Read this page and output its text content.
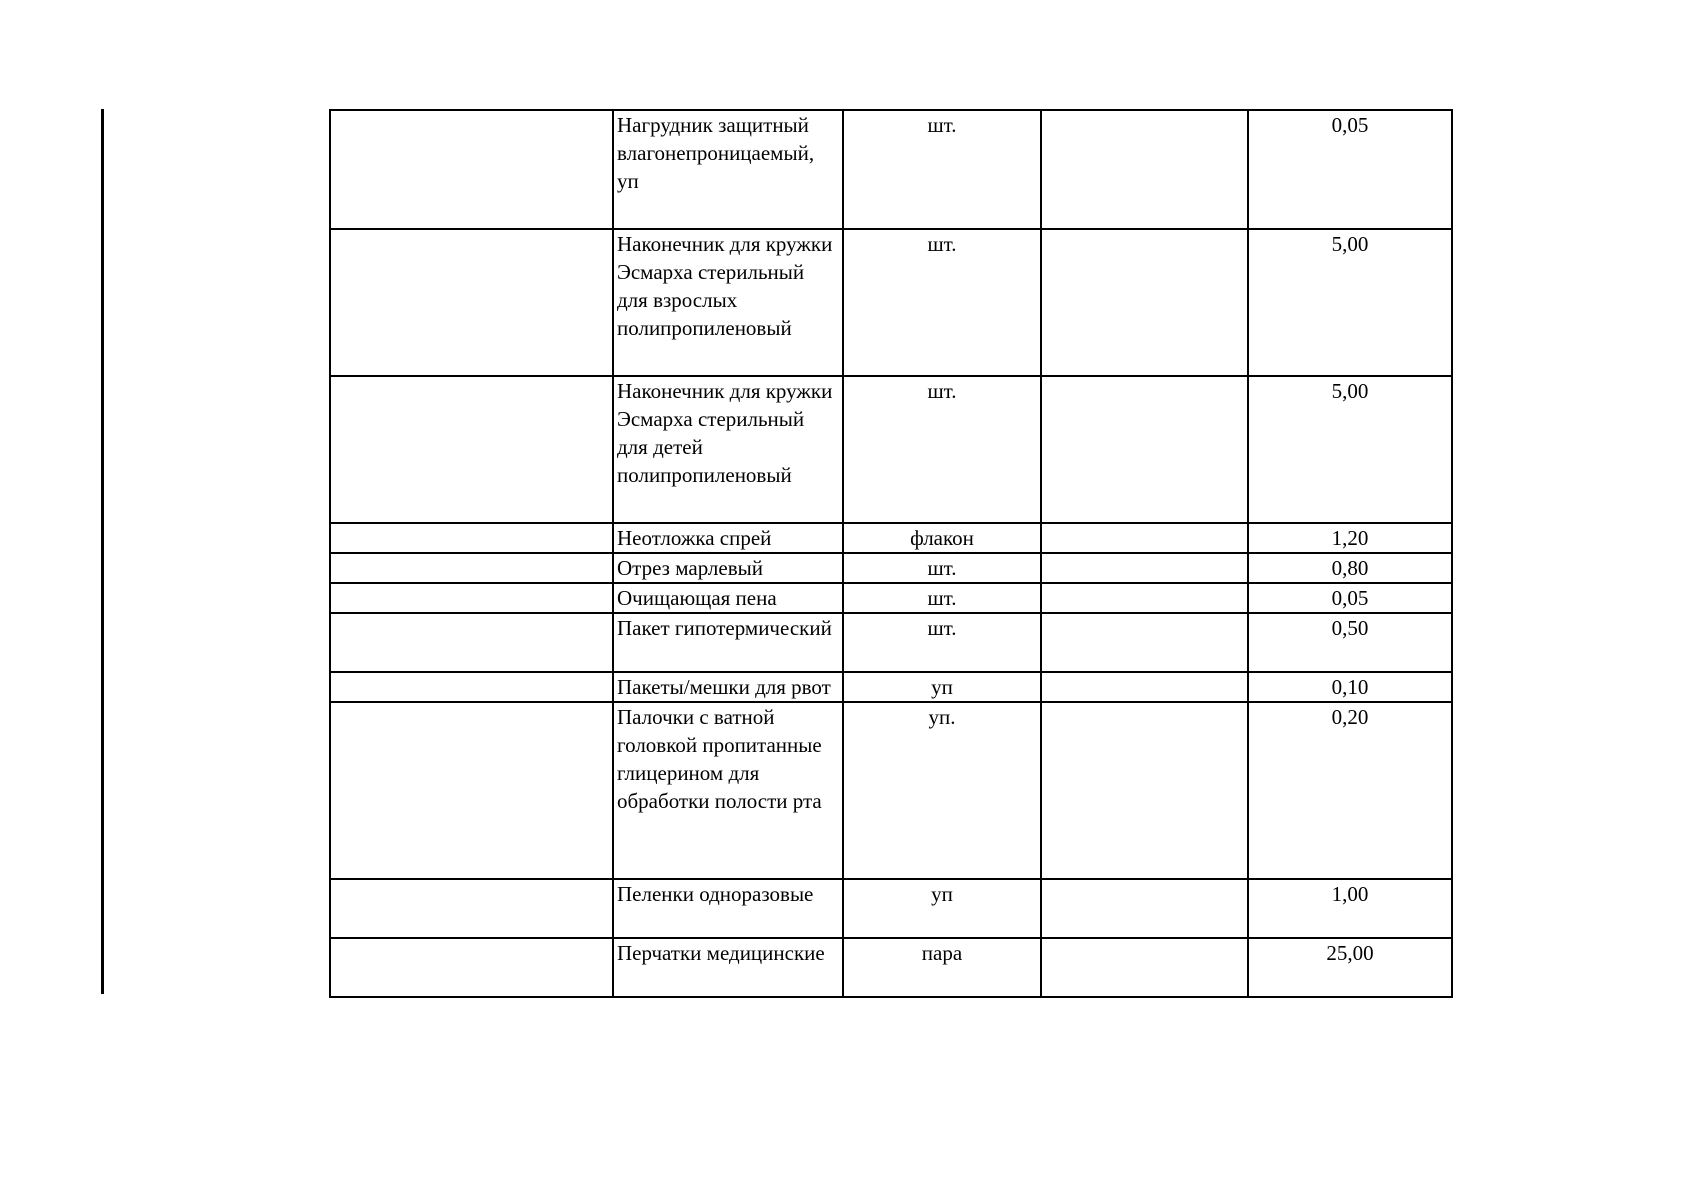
	Нагрудник защитный влагонепроницаемый, уп	шт.		0,05
	Наконечник для кружки Эсмарха стерильный для взрослых полипропиленовый	шт.		5,00
	Наконечник для кружки Эсмарха стерильный для детей полипропиленовый	шт.		5,00
	Неотложка спрей	флакон		1,20
	Отрез марлевый	шт.		0,80
	Очищающая пена	шт.		0,05
	Пакет гипотермический	шт.		0,50
	Пакеты/мешки для рвот	уп		0,10
	Палочки с ватной головкой пропитанные глицерином для обработки полости рта	уп.		0,20
	Пеленки одноразовые	уп		1,00
	Перчатки медицинские	пара		25,00
